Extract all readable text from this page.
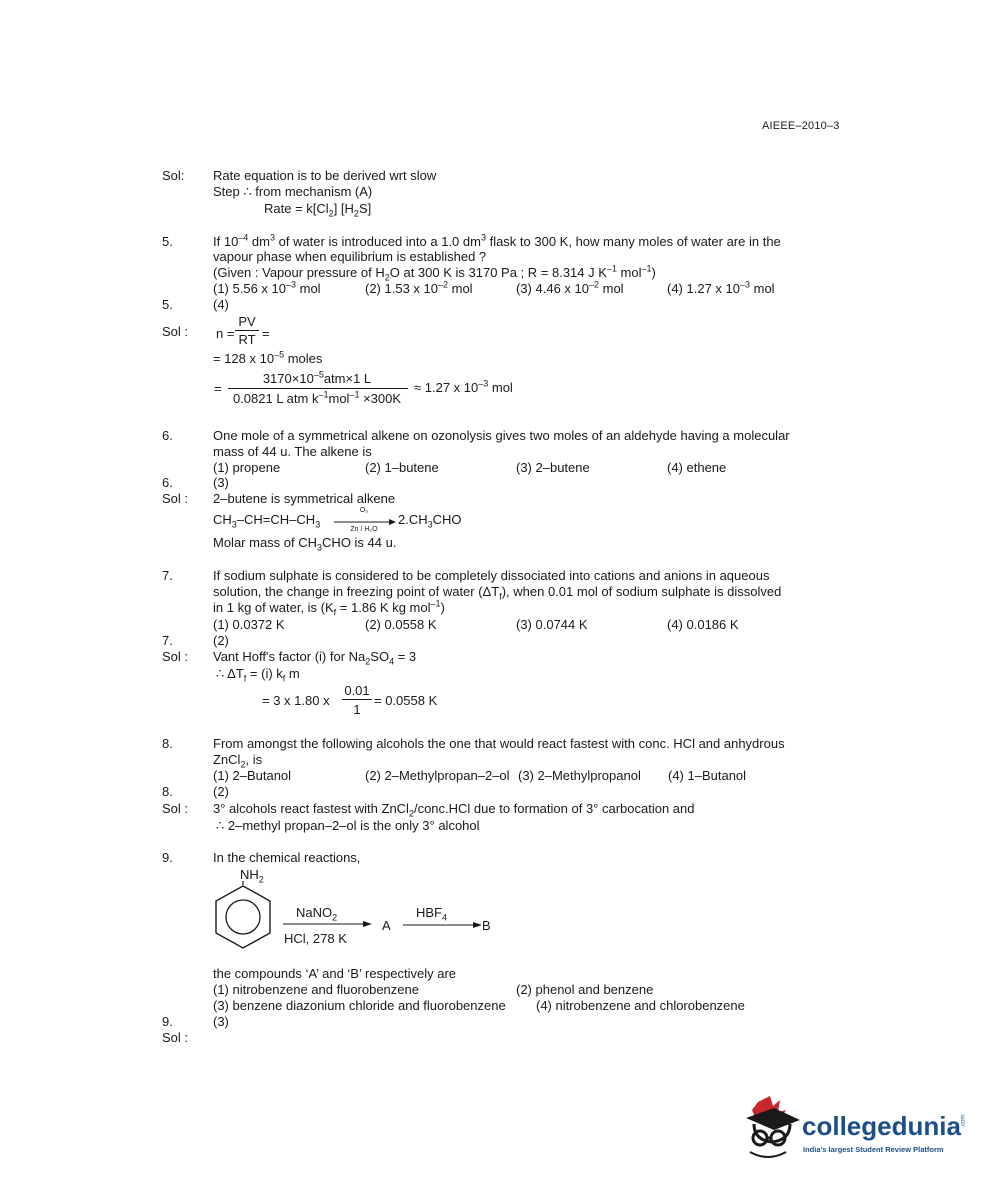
AIEEE–2010–3
Sol: Rate equation is to be derived wrt slow
Step ∴ from mechanism (A)
Rate = $k[Cl_2]$ $[H_2S]$
5.	If $10^{-4}$ $dm^3$ of water is introduced into a 1.0 $dm^3$ flask to 300 K, how many moles of water are in the
vapour phase when equilibrium is established ?
(Given : Vapour pressure of $H_2O$ at 300 K is 3170 Pa ; R = 8.314 J $K^{-1}$ mol$^{-1}$)
(1) 5.56 x $10^{-3}$ mol	(2) 1.53 x $10^{-2}$ mol	(3) 4.46 x $10^{-2}$ mol	(4) 1.27 x $10^{-3}$ mol
5.	(4)
Sol : n =
PV
RT =
= 128 x $10^{-5}$ moles
=
$3170\times 10^{-5}atm\times 1$ L
0.0821 L atm $k^{-1}mol^{-1} \times 300K$
≈ 1.27 x $10^{-3}$ mol
6.	One mole of a symmetrical alkene on ozonolysis gives two moles of an aldehyde having a molecular
mass of 44 u. The alkene is
(1) propene	(2) 1–butene	(3) 2–butene	(4) ethene
6.	(3)
Sol : 2–butene is symmetrical alkene
$CH_3-CH=CH-CH_3$
O₃
Zn / H₂O
$2.CH_3CHO$
Molar mass of $CH_3CHO$ is 44 u.
7.	If sodium sulphate is considered to be completely dissociated into cations and anions in aqueous
solution, the change in freezing point of water $(\Delta T_f)$, when 0.01 mol of sodium sulphate is dissolved
in 1 kg of water, is ($K_f = 1.86$ K kg mol$^{-1}$)
(1) 0.0372 K	(2) 0.0558 K	(3) 0.0744 K	(4) 0.0186 K
7.	(2)
Sol : Vant Hoff's factor (i) for $Na_2SO_4 = 3$
∴ $\Delta T_f = (i)$ $k_f$ m
= 3 x 1.80 x
0.01
1
= 0.0558 K
8.	From amongst the following alcohols the one that would react fastest with conc. HCl and anhydrous
ZnCl$_2$, is
(1) 2–Butanol	(2) 2–Methylpropan–2–ol (3) 2–Methylpropanol (4) 1–Butanol
8.	(2)
Sol : 3° alcohols react fastest with ZnCl$_2$/conc.HCl due to formation of 3° carbocation and
∴ 2–methyl propan–2–ol is the only 3° alcohol
9.	In the chemical reactions,
$NH_2$
NaNO$_2$
HCl, 278 K
A
$HBF_4$
B
the compounds ‘A’ and ‘B’ respectively are
(1) nitrobenzene and fluorobenzene	(2) phenol and benzene
(3) benzene diazonium chloride and fluorobenzene (4) nitrobenzene and chlorobenzene
9.	(3)
Sol :
collegedunia .com
India's largest Student Review Platform
